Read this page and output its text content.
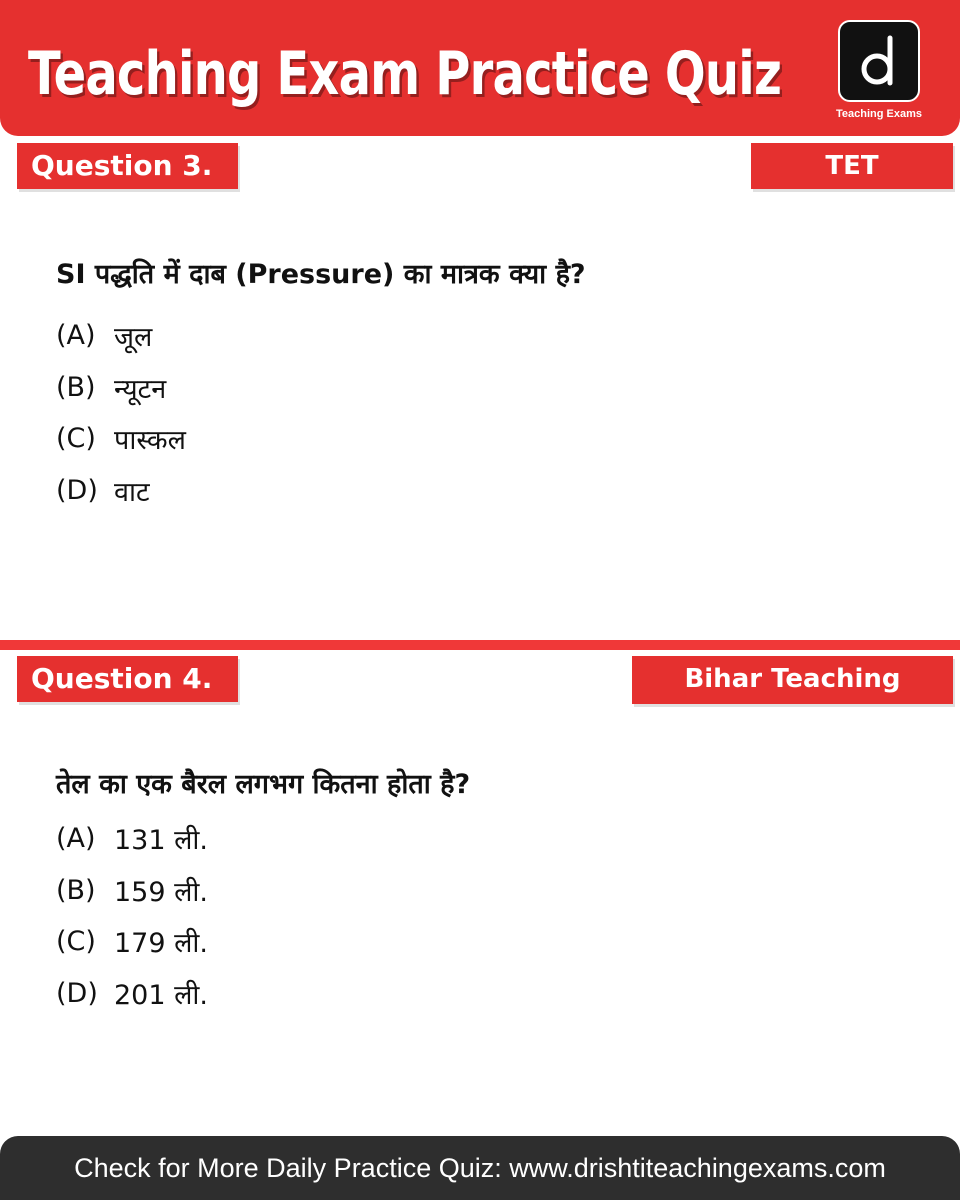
Teaching Exam Practice Quiz
Teaching Exams
Question 3.	TET
SI पद्धति में दाब (Pressure) का मात्रक क्या है?
(A) जूल
(B) न्यूटन
(C) पास्कल
(D) वाट
Question 4.	Bihar Teaching
तेल का एक बैरल लगभग कितना होता है?
(A) 131 ली.
(B) 159 ली.
(C) 179 ली.
(D) 201 ली.
Check for More Daily Practice Quiz: www.drishtiteachingexams.com
